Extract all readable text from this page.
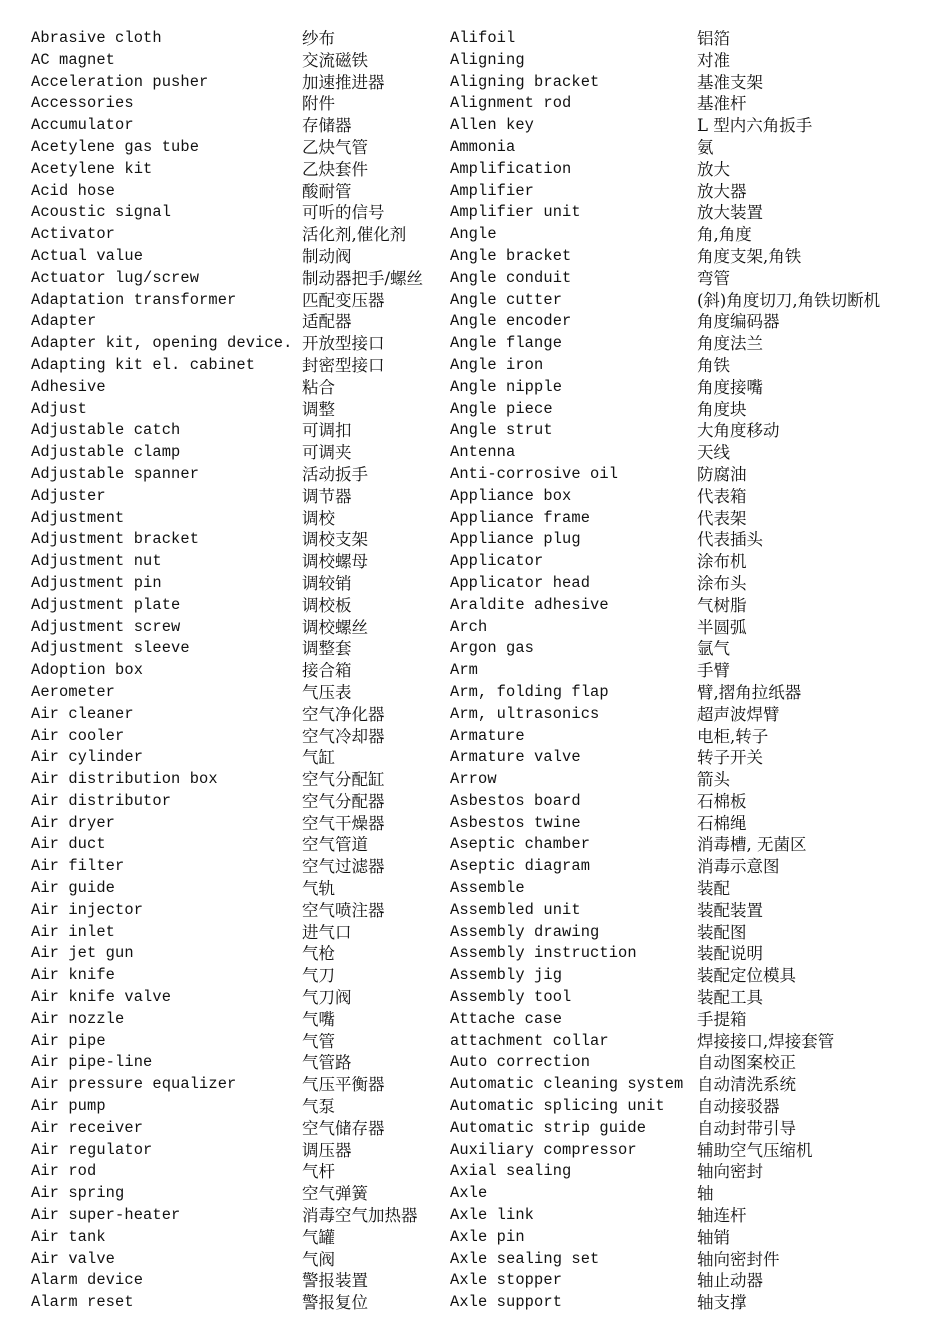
Abrasive cloth
AC magnet
Acceleration pusher
Accessories
Accumulator
Acetylene gas tube
Acetylene kit
Acid hose
Acoustic signal
Activator
Actual value
Actuator lug/screw
Adaptation transformer
Adapter
Adapter kit, opening device.
Adapting kit el. cabinet
Adhesive
Adjust
Adjustable catch
Adjustable clamp
Adjustable spanner
Adjuster
Adjustment
Adjustment bracket
Adjustment nut
Adjustment pin
Adjustment plate
Adjustment screw
Adjustment sleeve
Adoption box
Aerometer
Air cleaner
Air cooler
Air cylinder
Air distribution box
Air distributor
Air dryer
Air duct
Air filter
Air guide
Air injector
Air inlet
Air jet gun
Air knife
Air knife valve
Air nozzle
Air pipe
Air pipe-line
Air pressure equalizer
Air pump
Air receiver
Air regulator
Air rod
Air spring
Air super-heater
Air tank
Air valve
Alarm device
Alarm reset
纱布
交流磁铁
加速推进器
附件
存储器
乙炔气管
乙炔套件
酸耐管
可听的信号
活化剂,催化剂
制动阀
制动器把手/螺丝
匹配变压器
适配器
开放型接口
封密型接口
粘合
调整
可调扣
可调夹
活动扳手
调节器
调校
调校支架
调校螺母
调较销
调校板
调校螺丝
调整套
接合箱
气压表
空气净化器
空气冷却器
气缸
空气分配缸
空气分配器
空气干燥器
空气管道
空气过滤器
气轨
空气喷注器
进气口
气枪
气刀
气刀阀
气嘴
气管
气管路
气压平衡器
气泵
空气储存器
调压器
气杆
空气弹簧
消毒空气加热器
气罐
气阀
警报装置
警报复位
Alifoil
Aligning
Aligning bracket
Alignment rod
Allen key
Ammonia
Amplification
Amplifier
Amplifier unit
Angle
Angle bracket
Angle conduit
Angle cutter
Angle encoder
Angle flange
Angle iron
Angle nipple
Angle piece
Angle strut
Antenna
Anti-corrosive oil
Appliance box
Appliance frame
Appliance plug
Applicator
Applicator head
Araldite adhesive
Arch
Argon gas
Arm
Arm, folding flap
Arm, ultrasonics
Armature
Armature valve
Arrow
Asbestos board
Asbestos twine
Aseptic chamber
Aseptic diagram
Assemble
Assembled unit
Assembly drawing
Assembly instruction
Assembly jig
Assembly tool
Attache case
attachment collar
Auto correction
Automatic cleaning system
Automatic splicing unit
Automatic strip guide
Auxiliary compressor
Axial sealing
Axle
Axle link
Axle pin
Axle sealing set
Axle stopper
Axle support
铝箔
对准
基准支架
基准杆
L 型内六角扳手
氨
放大
放大器
放大装置
角,角度
角度支架,角铁
弯管
(斜)角度切刀,角铁切断机
角度编码器
角度法兰
角铁
角度接嘴
角度块
大角度移动
天线
防腐油
代表箱
代表架
代表插头
涂布机
涂布头
气树脂
半圆弧
氩气
手臂
臂,摺角拉纸器
超声波焊臂
电柜,转子
转子开关
箭头
石棉板
石棉绳
消毒槽, 无菌区
消毒示意图
装配
装配装置
装配图
装配说明
装配定位模具
装配工具
手提箱
焊接接口,焊接套管
自动图案校正
自动清洗系统
自动接驳器
自动封带引导
辅助空气压缩机
轴向密封
轴
轴连杆
轴销
轴向密封件
轴止动器
轴支撑
